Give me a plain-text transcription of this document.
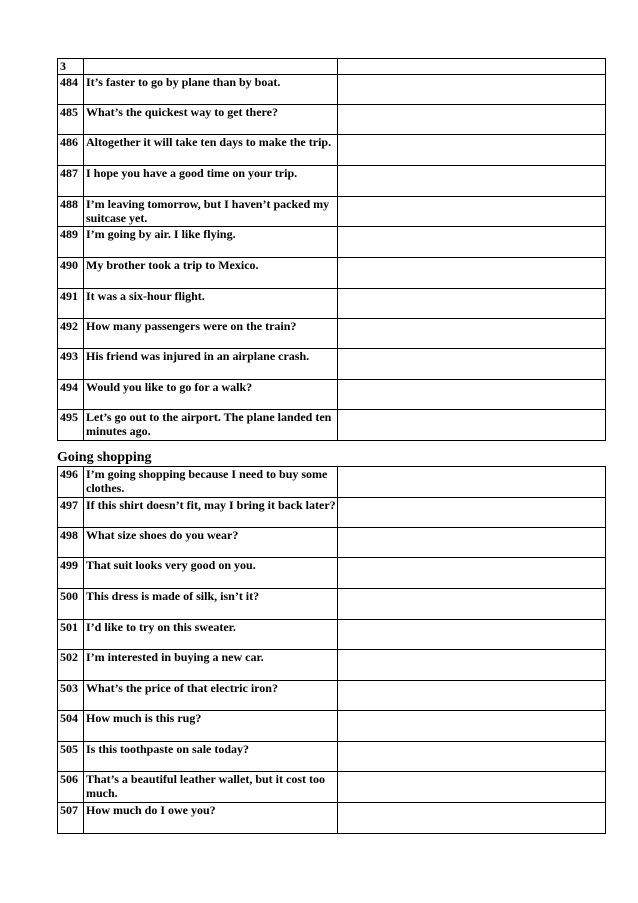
3		
484	It’s faster to go by plane than by boat.	
485	What’s the quickest way to get there?	
486	Altogether it will take ten days to make the trip.	
487	I hope you have a good time on your trip.	
488	I’m leaving tomorrow, but I haven’t packed my suitcase yet.	
489	I’m going by air. I like flying.	
490	My brother took a trip to Mexico.	
491	It was a six-hour flight.	
492	How many passengers were on the train?	
493	His friend was injured in an airplane crash.	
494	Would you like to go for a walk?	
495	Let’s go out to the airport. The plane landed ten minutes ago.	
Going shopping
496	I’m going shopping because I need to buy some clothes.	
497	If this shirt doesn’t fit, may I bring it back later?	
498	What size shoes do you wear?	
499	That suit looks very good on you.	
500	This dress is made of silk, isn’t it?	
501	I’d like to try on this sweater.	
502	I’m interested in buying a new car.	
503	What’s the price of that electric iron?	
504	How much is this rug?	
505	Is this toothpaste on sale today?	
506	That’s a beautiful leather wallet, but it cost too much.	
507	How much do I owe you?	
